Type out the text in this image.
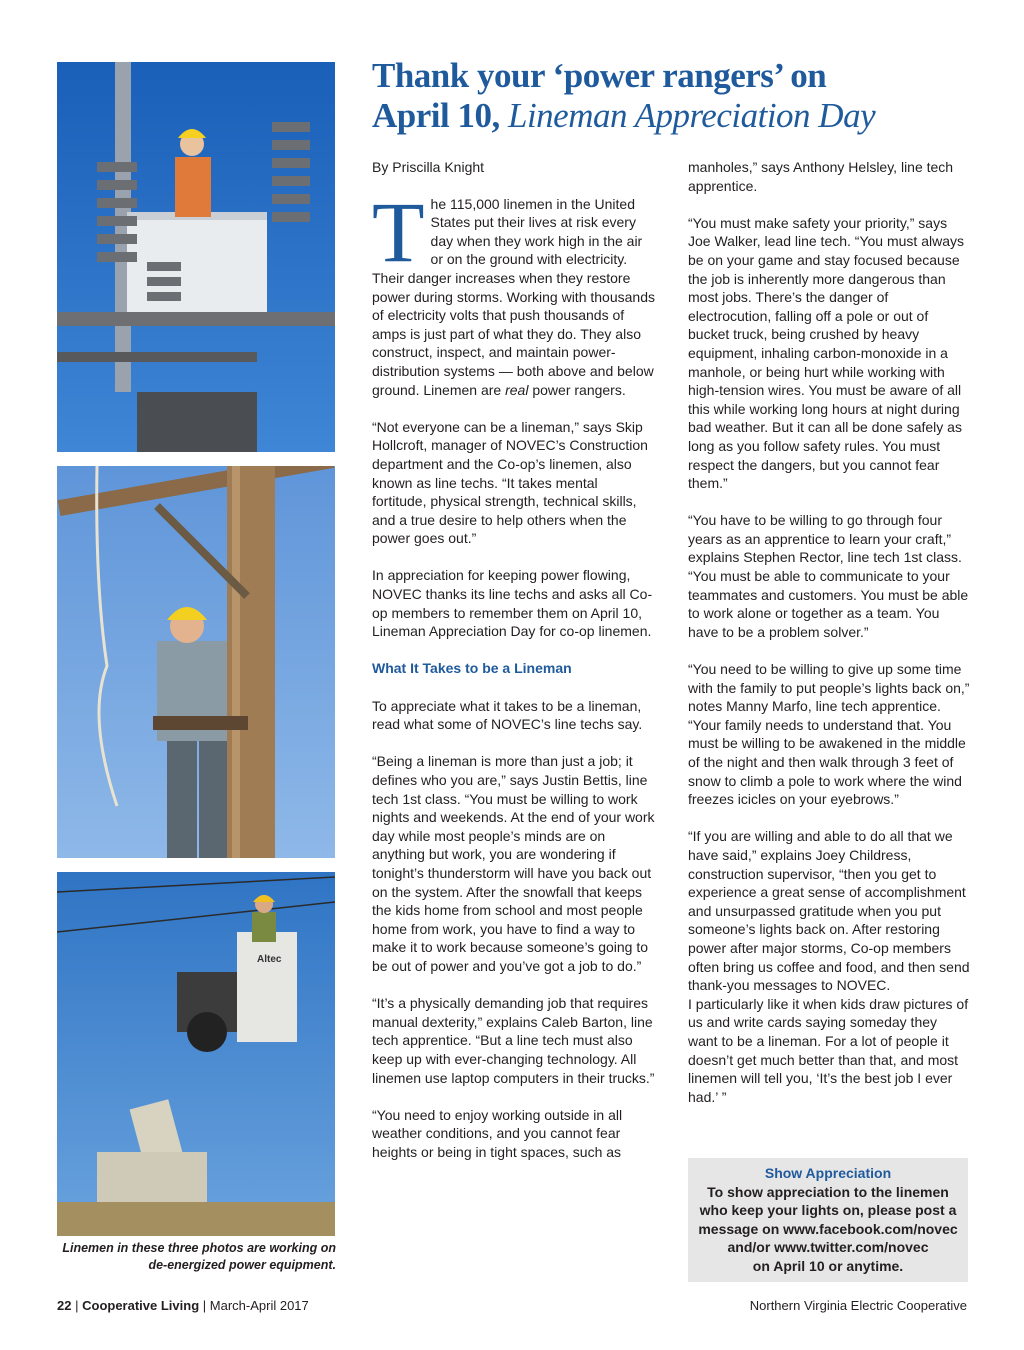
Altec
Linemen in these three photos are working on
de-energized power equipment.
Thank your ‘power rangers’ on
April 10, Lineman Appreciation Day

By Priscilla Knight

The 115,000 linemen in the United States put their lives at risk every day when they work high in the air or on the ground with electricity. Their danger increases when they restore power during storms. Working with thousands of electricity volts that push thousands of amps is just part of what they do. They also construct, inspect, and maintain power-distribution systems — both above and below ground. Linemen are real power rangers.

“Not everyone can be a lineman,” says Skip Hollcroft, manager of NOVEC’s Construction department and the Co-op’s linemen, also known as line techs. “It takes mental fortitude, physical strength, technical skills, and a true desire to help others when the power goes out.”

In appreciation for keeping power flowing, NOVEC thanks its line techs and asks all Co-op members to remember them on April 10, Lineman Appreciation Day for co-op linemen.

What It Takes to be a Lineman

To appreciate what it takes to be a lineman, read what some of NOVEC’s line techs say.

“Being a lineman is more than just a job; it defines who you are,” says Justin Bettis, line tech 1st class. “You must be willing to work nights and weekends. At the end of your work day while most people’s minds are on anything but work, you are wondering if tonight’s thunderstorm will have you back out on the system. After the snowfall that keeps the kids home from school and most people home from work, you have to find a way to make it to work because someone’s going to be out of power and you’ve got a job to do.”

“It’s a physically demanding job that requires manual dexterity,” explains Caleb Barton, line tech apprentice. “But a line tech must also keep up with ever-changing technology. All linemen use laptop computers in their trucks.”

“You need to enjoy working outside in all weather conditions, and you cannot fear heights or being in tight spaces, such as

manholes,” says Anthony Helsley, line tech apprentice.

“You must make safety your priority,” says Joe Walker, lead line tech. “You must always be on your game and stay focused because the job is inherently more dangerous than most jobs. There’s the danger of electrocution, falling off a pole or out of bucket truck, being crushed by heavy equipment, inhaling carbon-monoxide in a manhole, or being hurt while working with high-tension wires. You must be aware of all this while working long hours at night during bad weather. But it can all be done safely as long as you follow safety rules. You must respect the dangers, but you cannot fear them.”

“You have to be willing to go through four years as an apprentice to learn your craft,” explains Stephen Rector, line tech 1st class. “You must be able to communicate to your teammates and customers. You must be able to work alone or together as a team. You have to be a problem solver.”

“You need to be willing to give up some time with the family to put people’s lights back on,” notes Manny Marfo, line tech apprentice. “Your family needs to understand that. You must be willing to be awakened in the middle of the night and then walk through 3 feet of snow to climb a pole to work where the wind freezes icicles on your eyebrows.”

“If you are willing and able to do all that we have said,” explains Joey Childress, construction supervisor, “then you get to experience a great sense of accomplishment and unsurpassed gratitude when you put someone’s lights back on. After restoring power after major storms, Co-op members often bring us coffee and food, and then send thank-you messages to NOVEC.

I particularly like it when kids draw pictures of us and write cards saying someday they want to be a lineman. For a lot of people it doesn’t get much better than that, and most linemen will tell you, ‘It’s the best job I ever had.’ ”

Show Appreciation
To show appreciation to the linemen
who keep your lights on, please post a
message on www.facebook.com/novec
and/or www.twitter.com/novec
on April 10 or anytime.
22 | Cooperative Living | March-April 2017	Northern Virginia Electric Cooperative
